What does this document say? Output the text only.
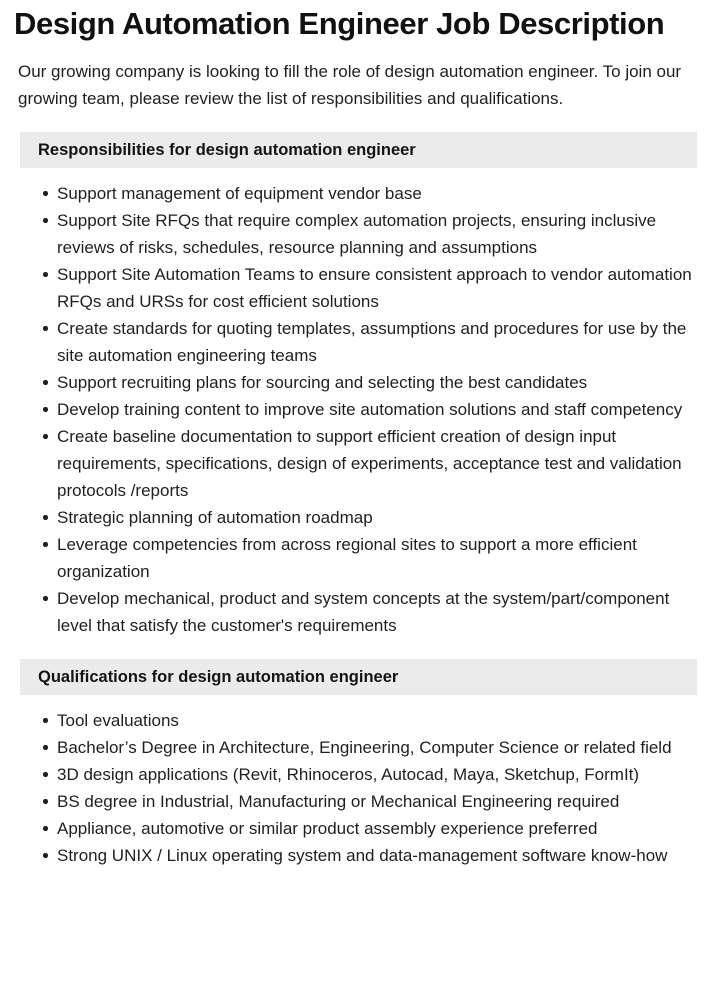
Design Automation Engineer Job Description

Our growing company is looking to fill the role of design automation engineer. To join our growing team, please review the list of responsibilities and qualifications.

Responsibilities for design automation engineer
Support management of equipment vendor base
Support Site RFQs that require complex automation projects, ensuring inclusive reviews of risks, schedules, resource planning and assumptions
Support Site Automation Teams to ensure consistent approach to vendor automation RFQs and URSs for cost efficient solutions
Create standards for quoting templates, assumptions and procedures for use by the site automation engineering teams
Support recruiting plans for sourcing and selecting the best candidates
Develop training content to improve site automation solutions and staff competency
Create baseline documentation to support efficient creation of design input requirements, specifications, design of experiments, acceptance test and validation protocols /reports
Strategic planning of automation roadmap
Leverage competencies from across regional sites to support a more efficient organization
Develop mechanical, product and system concepts at the system/part/component level that satisfy the customer's requirements
Qualifications for design automation engineer
Tool evaluations
Bachelor’s Degree in Architecture, Engineering, Computer Science or related field
3D design applications (Revit, Rhinoceros, Autocad, Maya, Sketchup, FormIt)
BS degree in Industrial, Manufacturing or Mechanical Engineering required
Appliance, automotive or similar product assembly experience preferred
Strong UNIX / Linux operating system and data-management software know-how
